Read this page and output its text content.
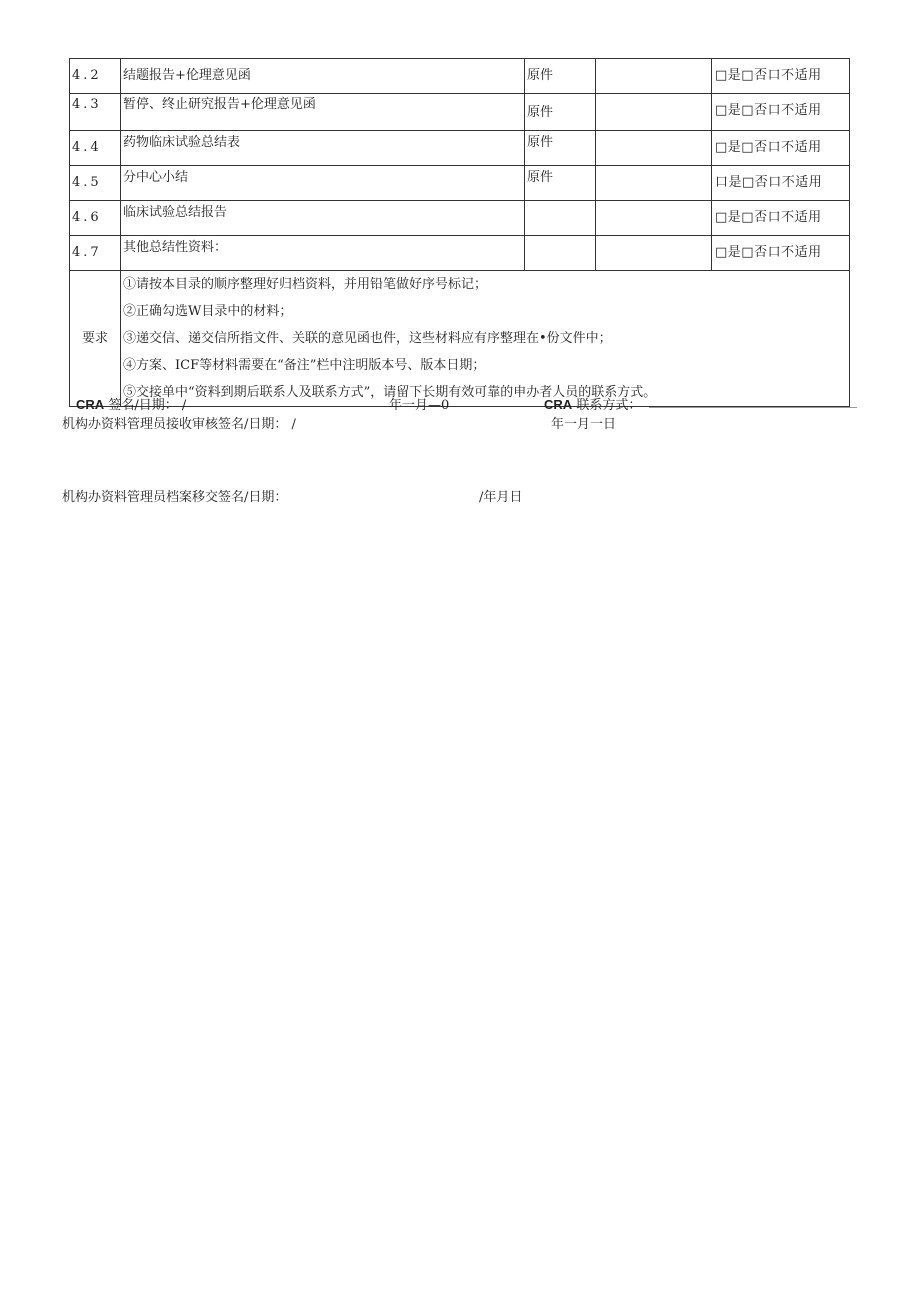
4.2	结题报告+伦理意见函	原件		□是□否口不适用
4.3	暂停、终止研究报告+伦理意见函	原件		□是□否口不适用
4.4	药物临床试验总结表	原件		□是□否口不适用
4.5	分中心小结	原件		口是□否口不适用
4.6	临床试验总结报告			□是□否口不适用
4.7	其他总结性资料：			□是□否口不适用
要求	①请按本目录的顺序整理好归档资料，并用铅笔做好序号标记；
②正确勾选W目录中的材料；
③递交信、递交信所指文件、关联的意见函也件，这些材料应有序整理在•份文件中；
④方案、ICF等材料需要在“备注”栏中注明版本号、版本日期；
⑤交接单中“资料到期后联系人及联系方式”，请留下长期有效可靠的申办者人员的联系方式。			
CRA 签名/日期： /	年一月—0	CRA 联系方式：
机构办资料管理员接收审核签名/日期： /	年一月一日
机构办资料管理员档案移交签名/日期：	/年月日
